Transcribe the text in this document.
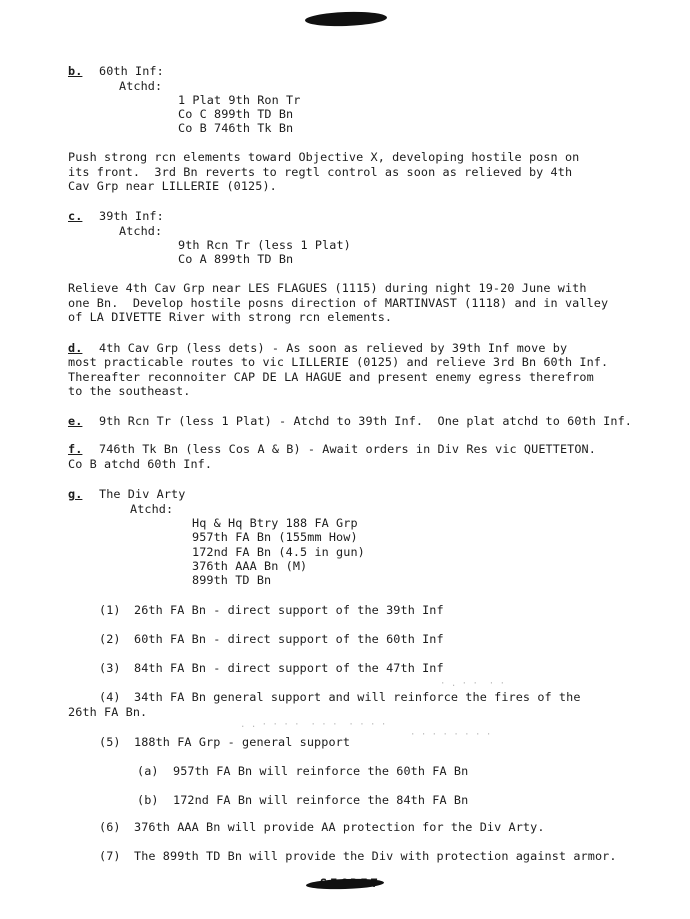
b. 60th Inf:
Atchd:
1 Plat 9th Ron Tr
Co C 899th TD Bn
Co B 746th Tk Bn
Push strong rcn elements toward Objective X, developing hostile posn on
its front.  3rd Bn reverts to regtl control as soon as relieved by 4th
Cav Grp near LILLERIE (0125).
c. 39th Inf:
Atchd:
9th Rcn Tr (less 1 Plat)
Co A 899th TD Bn
Relieve 4th Cav Grp near LES FLAGUES (1115) during night 19-20 June with
one Bn.  Develop hostile posns direction of MARTINVAST (1118) and in valley
of LA DIVETTE River with strong rcn elements.
d. 4th Cav Grp (less dets) - As soon as relieved by 39th Inf move by
most practicable routes to vic LILLERIE (0125) and relieve 3rd Bn 60th Inf.
Thereafter reconnoiter CAP DE LA HAGUE and present enemy egress therefrom
to the southeast.
e. 9th Rcn Tr (less 1 Plat) - Atchd to 39th Inf.  One plat atchd to 60th Inf.
f. 746th Tk Bn (less Cos A & B) - Await orders in Div Res vic QUETTETON.
Co B atchd 60th Inf.
g. The Div Arty
Atchd:
Hq & Hq Btry 188 FA Grp
957th FA Bn (155mm How)
172nd FA Bn (4.5 in gun)
376th AAA Bn (M)
899th TD Bn
(1) 26th FA Bn - direct support of the 39th Inf
(2) 60th FA Bn - direct support of the 60th Inf
(3) 84th FA Bn - direct support of the 47th Inf
· . · ·  · ·
(4) 34th FA Bn general support and will reinforce the fires of the
26th FA Bn.
. . · · · ·  · · ·  · · · ·
· · · · · · · ·
(5) 188th FA Grp - general support
(a) 957th FA Bn will reinforce the 60th FA Bn
(b) 172nd FA Bn will reinforce the 84th FA Bn
(6) 376th AAA Bn will provide AA protection for the Div Arty.
(7) The 899th TD Bn will provide the Div with protection against armor.
